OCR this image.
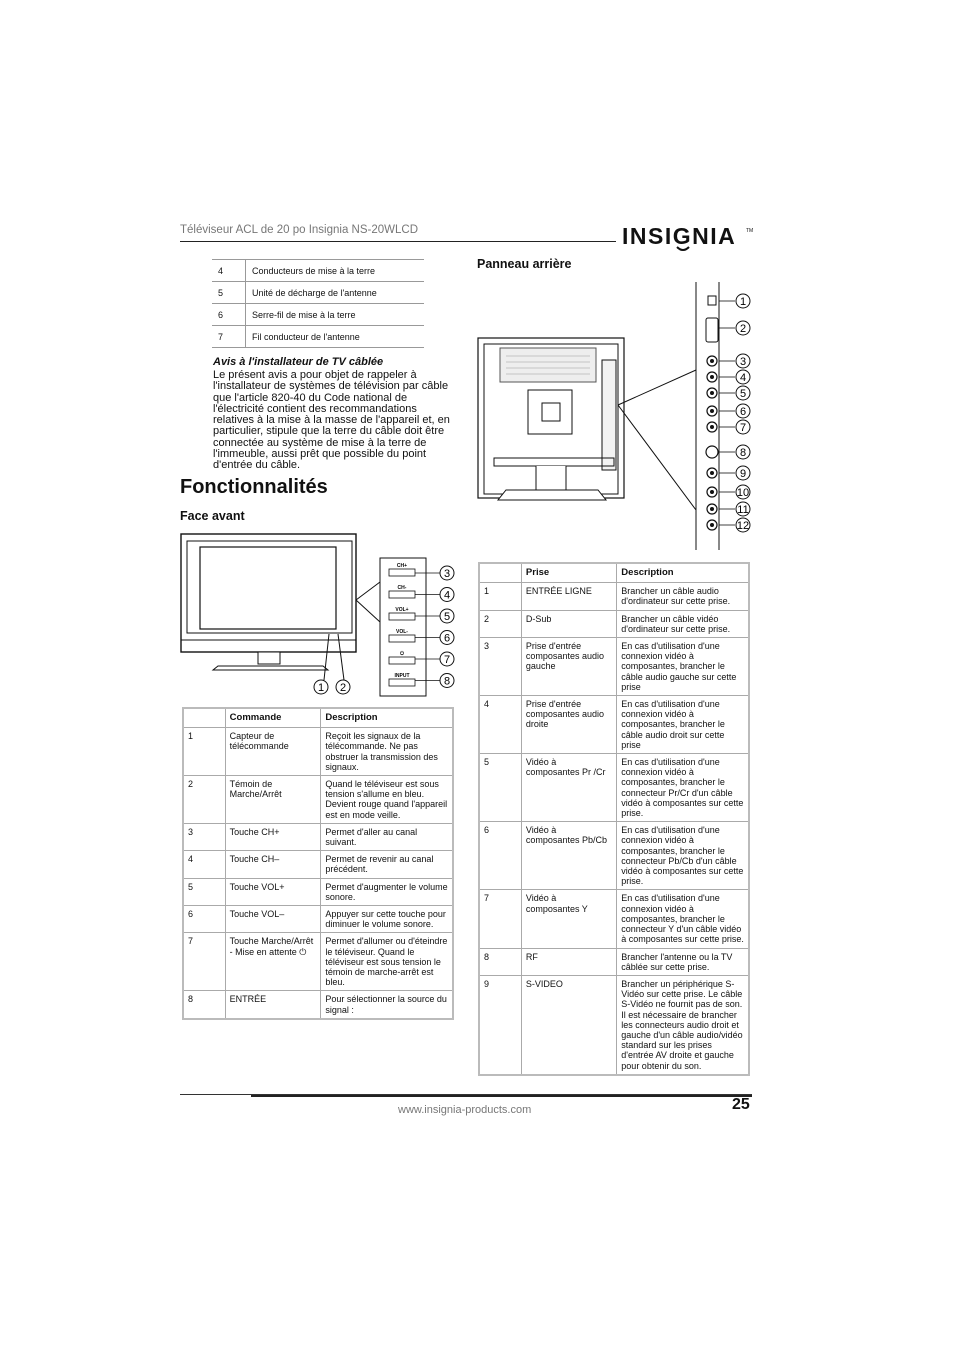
Téléviseur ACL de 20 po Insignia NS-20WLCD	INSIGNIA TM
4	Conducteurs de mise à la terre
5	Unité de décharge de l'antenne
6	Serre-fil de mise à la terre
7	Fil conducteur de l'antenne
Avis à l'installateur de TV câblée
Le présent avis a pour objet de rappeler à
l'installateur de systèmes de télévision par câble
que l'article 820-40 du Code national de
l'électricité contient des recommandations
relatives à la mise à la masse de l'appareil et, en
particulier, stipule que la terre du câble doit être
connectée au système de mise à la terre de
l'immeuble, aussi prêt que possible du point
d'entrée du câble.
Fonctionnalités
Face avant
CH+
CH-
VOL+
VOL-
⏻
INPUT
3
4
5
6
7
8
1 2
	Commande	Description
1	Capteur de télécommande	Reçoit les signaux de la télécommande. Ne pas obstruer la transmission des signaux.
2	Témoin de Marche/Arrêt	Quand le téléviseur est sous tension s'allume en bleu. Devient rouge quand l'appareil est en mode veille.
3	Touche CH+	Permet d'aller au canal suivant.
4	Touche CH–	Permet de revenir au canal précédent.
5	Touche VOL+	Permet d'augmenter le volume sonore.
6	Touche VOL–	Appuyer sur cette touche pour diminuer le volume sonore.
7	Touche Marche/Arrêt - Mise en attente ⏻	Permet d'allumer ou d'éteindre le téléviseur. Quand le téléviseur est sous tension le témoin de marche-arrêt est bleu.
8	ENTRÉE	Pour sélectionner la source du signal :
Panneau arrière
1
2
3
4
5
6
7
8
9
10
11
12
	Prise	Description
1	ENTRÉE LIGNE	Brancher un câble audio d'ordinateur sur cette prise.
2	D-Sub	Brancher un câble vidéo d'ordinateur sur cette prise.
3	Prise d'entrée composantes audio gauche	En cas d'utilisation d'une connexion vidéo à composantes, brancher le câble audio gauche sur cette prise
4	Prise d'entrée composantes audio droite	En cas d'utilisation d'une connexion vidéo à composantes, brancher le câble audio droit sur cette prise
5	Vidéo à composantes Pr /Cr	En cas d'utilisation d'une connexion vidéo à composantes, brancher le connecteur Pr/Cr d'un câble vidéo à composantes sur cette prise.
6	Vidéo à composantes Pb/Cb	En cas d'utilisation d'une connexion vidéo à composantes, brancher le connecteur Pb/Cb d'un câble vidéo à composantes sur cette prise.
7	Vidéo à composantes Y	En cas d'utilisation d'une connexion vidéo à composantes, brancher le connecteur Y d'un câble vidéo à composantes sur cette prise.
8	RF	Brancher l'antenne ou la TV câblée sur cette prise.
9	S-VIDEO	Brancher un périphérique S-Vidéo sur cette prise. Le câble S-Vidéo ne fournit pas de son. Il est nécessaire de brancher les connecteurs audio droit et gauche d'un câble audio/vidéo standard sur les prises d'entrée AV droite et gauche pour obtenir du son.
www.insignia-products.com	25
